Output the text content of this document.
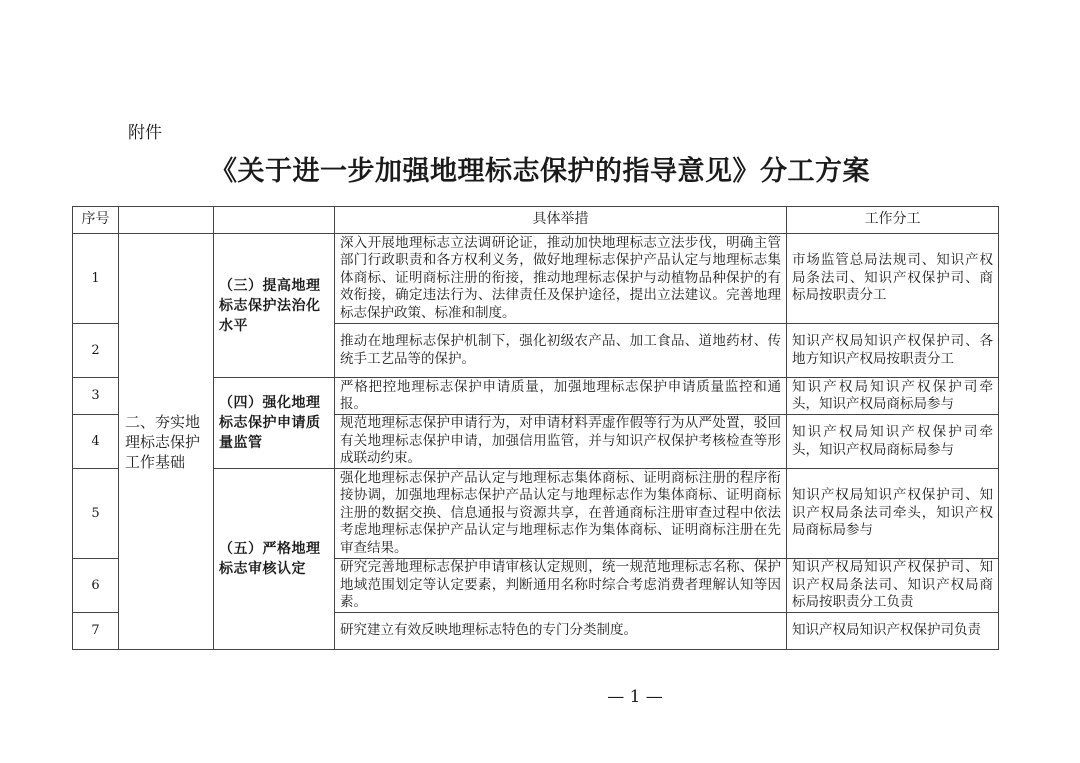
附件
《关于进一步加强地理标志保护的指导意见》分工方案
序号			具体举措	工作分工
1	二、夯实地理标志保护工作基础	（三）提高地理标志保护法治化水平	深入开展地理标志立法调研论证，推动加快地理标志立法步伐，明确主管部门行政职责和各方权利义务，做好地理标志保护产品认定与地理标志集体商标、证明商标注册的衔接，推动地理标志保护与动植物品种保护的有效衔接，确定违法行为、法律责任及保护途径，提出立法建议。完善地理标志保护政策、标准和制度。	市场监管总局法规司、知识产权局条法司、知识产权保护司、商标局按职责分工
2			推动在地理标志保护机制下，强化初级农产品、加工食品、道地药材、传统手工艺品等的保护。	知识产权局知识产权保护司、各地方知识产权局按职责分工
3		（四）强化地理标志保护申请质量监管	严格把控地理标志保护申请质量，加强地理标志保护申请质量监控和通报。	知识产权局知识产权保护司牵头，知识产权局商标局参与
4			规范地理标志保护申请行为，对申请材料弄虚作假等行为从严处置，驳回有关地理标志保护申请，加强信用监管，并与知识产权保护考核检查等形成联动约束。	知识产权局知识产权保护司牵头，知识产权局商标局参与
5		（五）严格地理标志审核认定	强化地理标志保护产品认定与地理标志集体商标、证明商标注册的程序衔接协调，加强地理标志保护产品认定与地理标志作为集体商标、证明商标注册的数据交换、信息通报与资源共享，在普通商标注册审查过程中依法考虑地理标志保护产品认定与地理标志作为集体商标、证明商标注册在先审查结果。	知识产权局知识产权保护司、知识产权局条法司牵头，知识产权局商标局参与
6			研究完善地理标志保护申请审核认定规则，统一规范地理标志名称、保护地域范围划定等认定要素，判断通用名称时综合考虑消费者理解认知等因素。	知识产权局知识产权保护司、知识产权局条法司、知识产权局商标局按职责分工负责
7			研究建立有效反映地理标志特色的专门分类制度。	知识产权局知识产权保护司负责
— 1 —
